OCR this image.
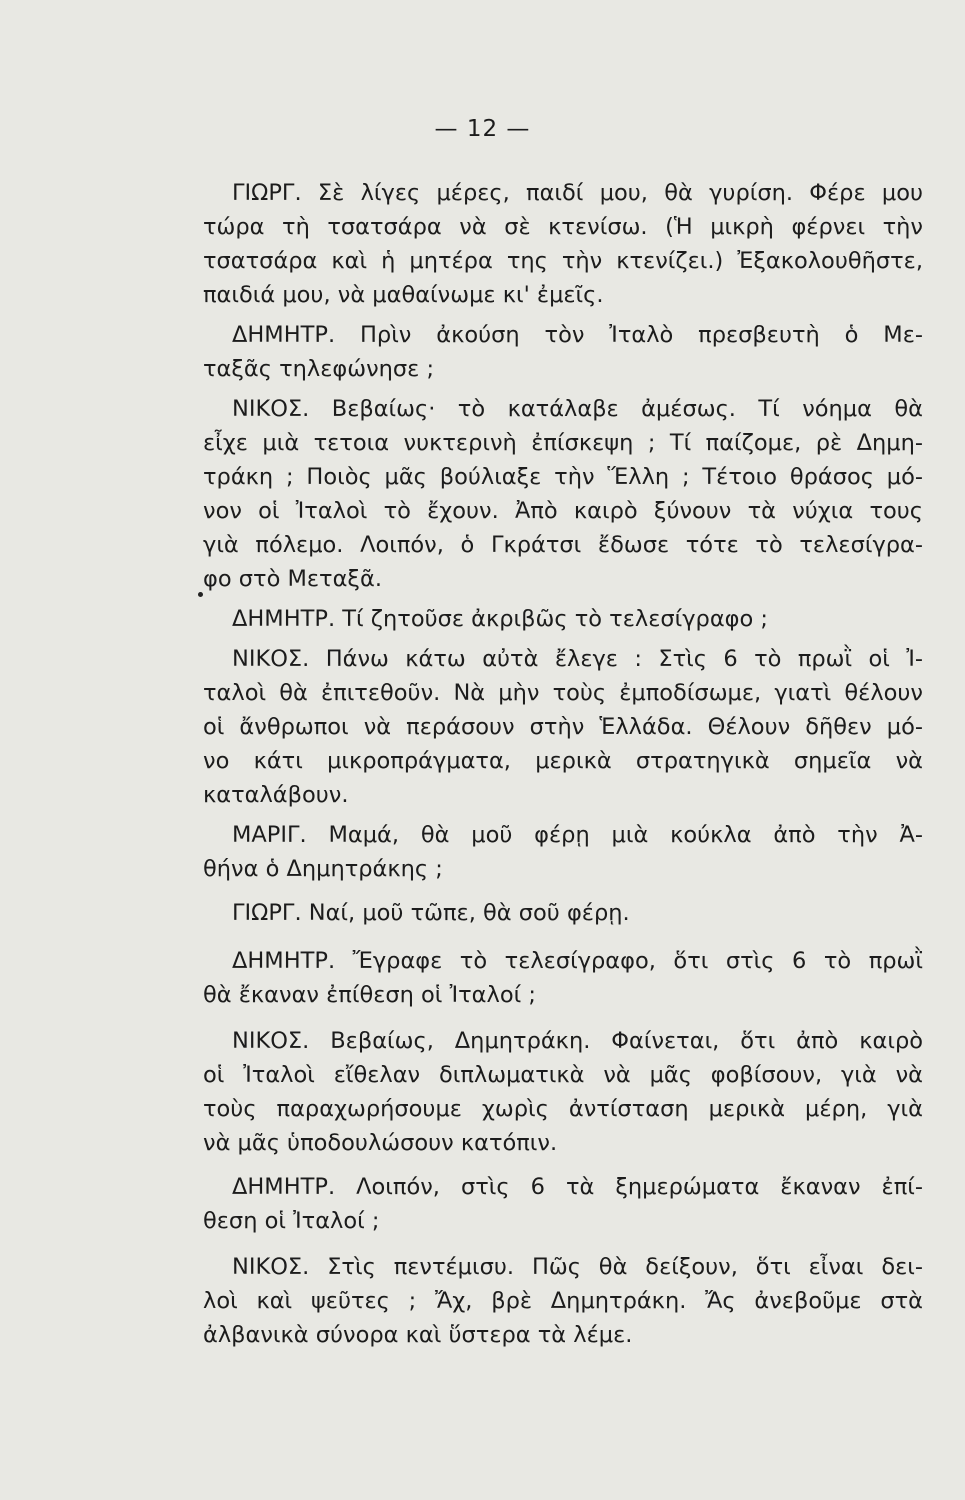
— 12 —
ΓΙΩΡΓ. Σὲ λίγες μέρες, παιδί μου, θὰ γυρίση. Φέρε μου
τώρα τὴ τσατσάρα νὰ σὲ κτενίσω. (Ἡ μικρὴ φέρνει τὴν
τσατσάρα καὶ ἡ μητέρα της τὴν κτενίζει.) Ἐξακολουθῆστε,
παιδιά μου, νὰ μαθαίνωμε κι' ἐμεῖς.
ΔΗΜΗΤΡ. Πρὶν ἀκούση τὸν Ἰταλὸ πρεσβευτὴ ὁ Με-
ταξᾶς τηλεφώνησε ;
ΝΙΚΟΣ. Βεβαίως· τὸ κατάλαβε ἀμέσως. Τί νόημα θὰ
εἶχε μιὰ τετοια νυκτερινὴ ἐπίσκεψη ; Τί παίζομε, ρὲ Δημη-
τράκη ; Ποιὸς μᾶς βούλιαξε τὴν Ἕλλη ; Τέτοιο θράσος μό-
νον οἱ Ἰταλοὶ τὸ ἔχουν. Ἀπὸ καιρὸ ξύνουν τὰ νύχια τους
γιὰ πόλεμο. Λοιπόν, ὁ Γκράτσι ἔδωσε τότε τὸ τελεσίγρα-
φο στὸ Μεταξᾶ.
ΔΗΜΗΤΡ. Τί ζητοῦσε ἀκριβῶς τὸ τελεσίγραφο ;
ΝΙΚΟΣ. Πάνω κάτω αὐτὰ ἔλεγε : Στὶς 6 τὸ πρωῒ οἱ Ἰ-
ταλοὶ θὰ ἐπιτεθοῦν. Νὰ μὴν τοὺς ἐμποδίσωμε, γιατὶ θέλουν
οἱ ἄνθρωποι νὰ περάσουν στὴν Ἑλλάδα. Θέλουν δῆθεν μό-
νο κάτι μικροπράγματα, μερικὰ στρατηγικὰ σημεῖα νὰ
καταλάβουν.
ΜΑΡΙΓ. Μαμά, θὰ μοῦ φέρῃ μιὰ κούκλα ἀπὸ τὴν Ἀ-
θήνα ὁ Δημητράκης ;
ΓΙΩΡΓ. Ναί, μοῦ τῶπε, θὰ σοῦ φέρῃ.
ΔΗΜΗΤΡ. Ἔγραφε τὸ τελεσίγραφο, ὅτι στὶς 6 τὸ πρωῒ
θὰ ἔκαναν ἐπίθεση οἱ Ἰταλοί ;
ΝΙΚΟΣ. Βεβαίως, Δημητράκη. Φαίνεται, ὅτι ἀπὸ καιρὸ
οἱ Ἰταλοὶ εἴθελαν διπλωματικὰ νὰ μᾶς φοβίσουν, γιὰ νὰ
τοὺς παραχωρήσουμε χωρὶς ἀντίσταση μερικὰ μέρη, γιὰ
νὰ μᾶς ὑποδουλώσουν κατόπιν.
ΔΗΜΗΤΡ. Λοιπόν, στὶς 6 τὰ ξημερώματα ἔκαναν ἐπί-
θεση οἱ Ἰταλοί ;
ΝΙΚΟΣ. Στὶς πεντέμισυ. Πῶς θὰ δείξουν, ὅτι εἶναι δει-
λοὶ καὶ ψεῦτες ; Ἄχ, βρὲ Δημητράκη. Ἄς ἀνεβοῦμε στὰ
ἀλβανικὰ σύνορα καὶ ὕστερα τὰ λέμε.
